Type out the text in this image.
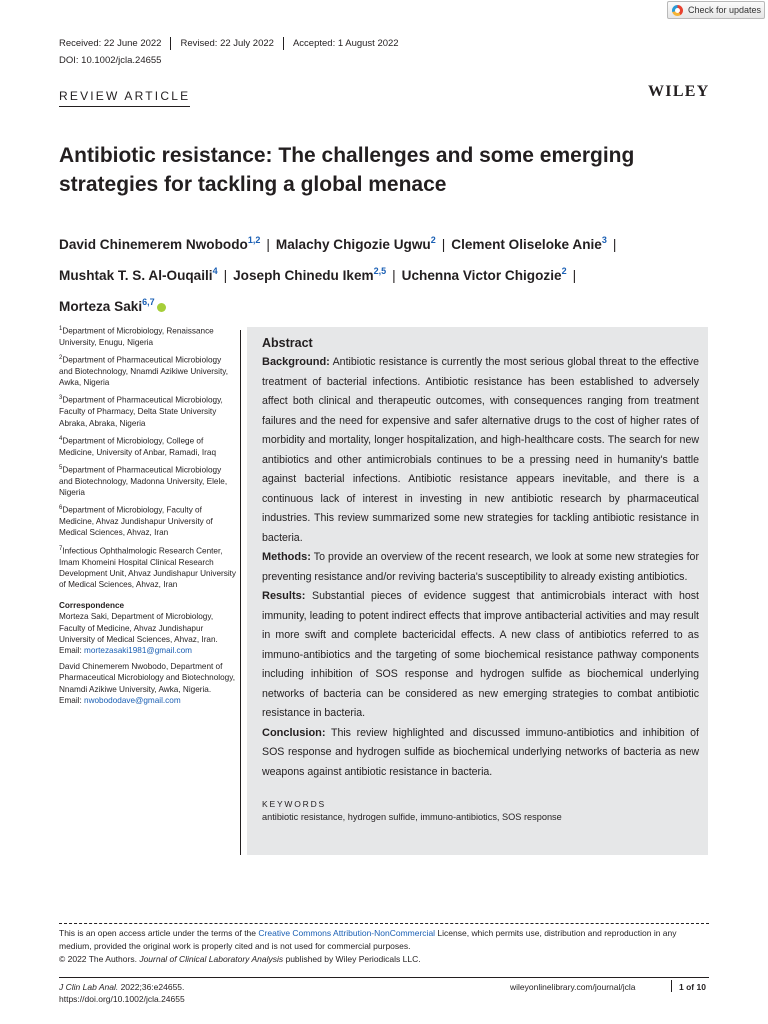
Check for updates
Received: 22 June 2022	Revised: 22 July 2022	Accepted: 1 August 2022
DOI: 10.1002/jcla.24655
REVIEW ARTICLE	WILEY
Antibiotic resistance: The challenges and some emerging strategies for tackling a global menace
David Chinemerem Nwobodo$^{1,2}$ | Malachy Chigozie Ugwu$^2$ | Clement Oliseloke Anie$^3$ |
Mushtak T. S. Al-Ouqaili$^4$ | Joseph Chinedu Ikem$^{2,5}$ | Uchenna Victor Chigozie$^2$ |
Morteza Saki$^{6,7}$

$^1$Department of Microbiology, Renaissance University, Enugu, Nigeria

$^2$Department of Pharmaceutical Microbiology and Biotechnology, Nnamdi Azikiwe University, Awka, Nigeria

$^3$Department of Pharmaceutical Microbiology, Faculty of Pharmacy, Delta State University Abraka, Abraka, Nigeria

$^4$Department of Microbiology, College of Medicine, University of Anbar, Ramadi, Iraq

$^5$Department of Pharmaceutical Microbiology and Biotechnology, Madonna University, Elele, Nigeria

$^6$Department of Microbiology, Faculty of Medicine, Ahvaz Jundishapur University of Medical Sciences, Ahvaz, Iran

$^7$Infectious Ophthalmologic Research Center, Imam Khomeini Hospital Clinical Research Development Unit, Ahvaz Jundishapur University of Medical Sciences, Ahvaz, Iran

Correspondence

Morteza Saki, Department of Microbiology, Faculty of Medicine, Ahvaz Jundishapur University of Medical Sciences, Ahvaz, Iran.
Email: mortezasaki1981@gmail.com

David Chinemerem Nwobodo, Department of Pharmaceutical Microbiology and Biotechnology, Nnamdi Azikiwe University, Awka, Nigeria.
Email: nwobododave@gmail.com

Abstract

Background: Antibiotic resistance is currently the most serious global threat to the effective treatment of bacterial infections. Antibiotic resistance has been established to adversely affect both clinical and therapeutic outcomes, with consequences ranging from treatment failures and the need for expensive and safer alternative drugs to the cost of higher rates of morbidity and mortality, longer hospitalization, and high-healthcare costs. The search for new antibiotics and other antimicrobials continues to be a pressing need in humanity's battle against bacterial infections. Antibiotic resistance appears inevitable, and there is a continuous lack of interest in investing in new antibiotic research by pharmaceutical industries. This review summarized some new strategies for tackling antibiotic resistance in bacteria.

Methods: To provide an overview of the recent research, we look at some new strategies for preventing resistance and/or reviving bacteria's susceptibility to already existing antibiotics.

Results: Substantial pieces of evidence suggest that antimicrobials interact with host immunity, leading to potent indirect effects that improve antibacterial activities and may result in more swift and complete bactericidal effects. A new class of antibiotics referred to as immuno-antibiotics and the targeting of some biochemical resistance pathway components including inhibition of SOS response and hydrogen sulfide as biochemical underlying networks of bacteria can be considered as new emerging strategies to combat antibiotic resistance in bacteria.

Conclusion: This review highlighted and discussed immuno-antibiotics and inhibition of SOS response and hydrogen sulfide as biochemical underlying networks of bacteria as new weapons against antibiotic resistance in bacteria.

KEYWORDS

antibiotic resistance, hydrogen sulfide, immuno-antibiotics, SOS response

This is an open access article under the terms of the Creative Commons Attribution-NonCommercial License, which permits use, distribution and reproduction in any medium, provided the original work is properly cited and is not used for commercial purposes.
© 2022 The Authors. Journal of Clinical Laboratory Analysis published by Wiley Periodicals LLC.
J Clin Lab Anal. 2022;36:e24655.
https://doi.org/10.1002/jcla.24655
wileyonlinelibrary.com/journal/jcla	1 of 10
